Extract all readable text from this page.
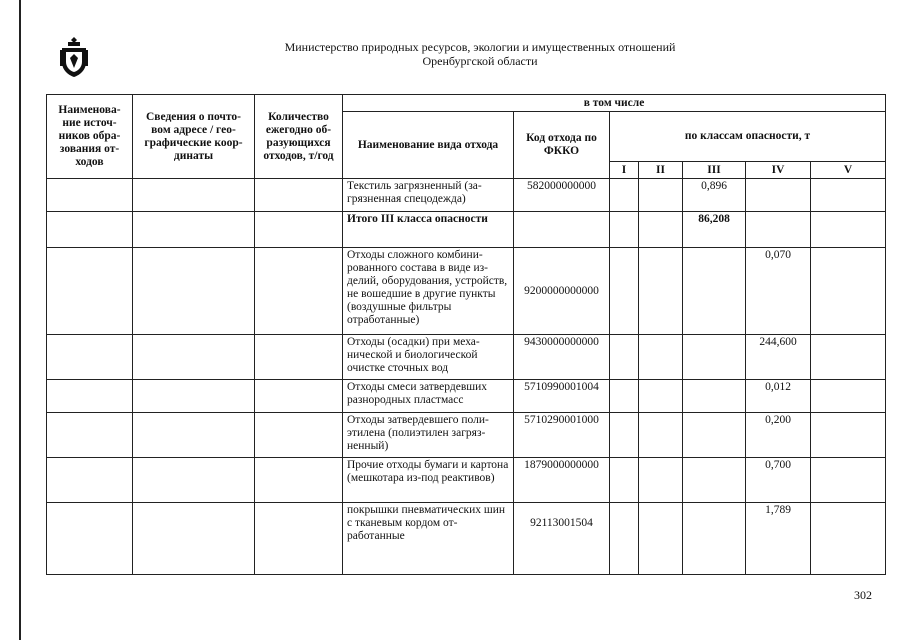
Министерство природных ресурсов, экологии и имущественных отношений
Оренбургской области
Наименова-ние источ-ников обра-зования от-ходов	Сведения о почто-вом адресе / гео-графические коор-динаты	Количество ежегодно об-разующихся отходов, т/год	в том числе						
			Наименование вида отхода	Код отхода по ФККО	по классам опасности, т				
					I	II	III	IV	V
			Текстиль загрязненный (за-грязненная спецодежда)	582000000000			0,896		
			Итого III класса опасности				86,208		
			Отходы сложного комбини-рованного состава в виде из-делий, оборудования, устройств, не вошедшие в другие пункты (воздушные фильтры отработанные)	9200000000000				0,070	
			Отходы (осадки) при меха-нической и биологической очистке сточных вод	9430000000000				244,600	
			Отходы смеси затвердевших разнородных пластмасс	5710990001004				0,012	
			Отходы затвердевшего поли-этилена (полиэтилен загряз-ненный)	5710290001000				0,200	
			Прочие отходы бумаги и картона (мешкотара из-под реактивов)	1879000000000				0,700	
			покрышки пневматических шин с тканевым кордом от-работанные	92113001504				1,789	
302
